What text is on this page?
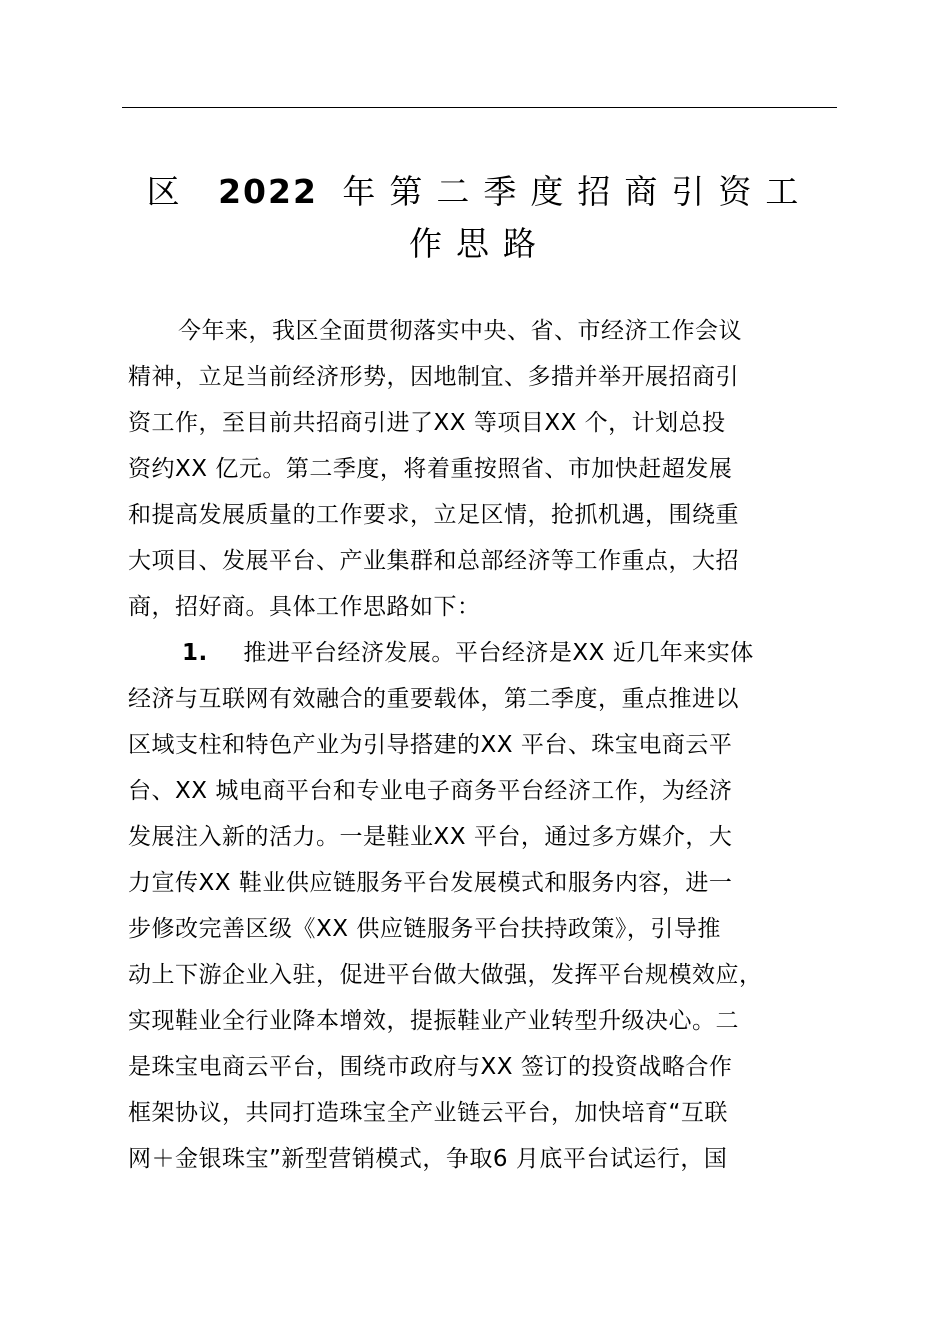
区 2022 年第二季度招商引资工
作思路
今年来，我区全面贯彻落实中央、省、市经济工作会议
精神，立足当前经济形势，因地制宜、多措并举开展招商引
资工作，至目前共招商引进了XX 等项目XX 个，计划总投
资约XX 亿元。第二季度，将着重按照省、市加快赶超发展
和提高发展质量的工作要求，立足区情，抢抓机遇，围绕重
大项目、发展平台、产业集群和总部经济等工作重点，大招
商，招好商。具体工作思路如下：
1. 推进平台经济发展。平台经济是XX 近几年来实体
经济与互联网有效融合的重要载体，第二季度，重点推进以
区域支柱和特色产业为引导搭建的XX 平台、珠宝电商云平
台、XX 城电商平台和专业电子商务平台经济工作，为经济
发展注入新的活力。一是鞋业XX 平台，通过多方媒介，大
力宣传XX 鞋业供应链服务平台发展模式和服务内容，进一
步修改完善区级《XX 供应链服务平台扶持政策》，引导推
动上下游企业入驻，促进平台做大做强，发挥平台规模效应，
实现鞋业全行业降本增效，提振鞋业产业转型升级决心。二
是珠宝电商云平台，围绕市政府与XX 签订的投资战略合作
框架协议，共同打造珠宝全产业链云平台，加快培育“互联
网＋金银珠宝”新型营销模式，争取6 月底平台试运行，国
